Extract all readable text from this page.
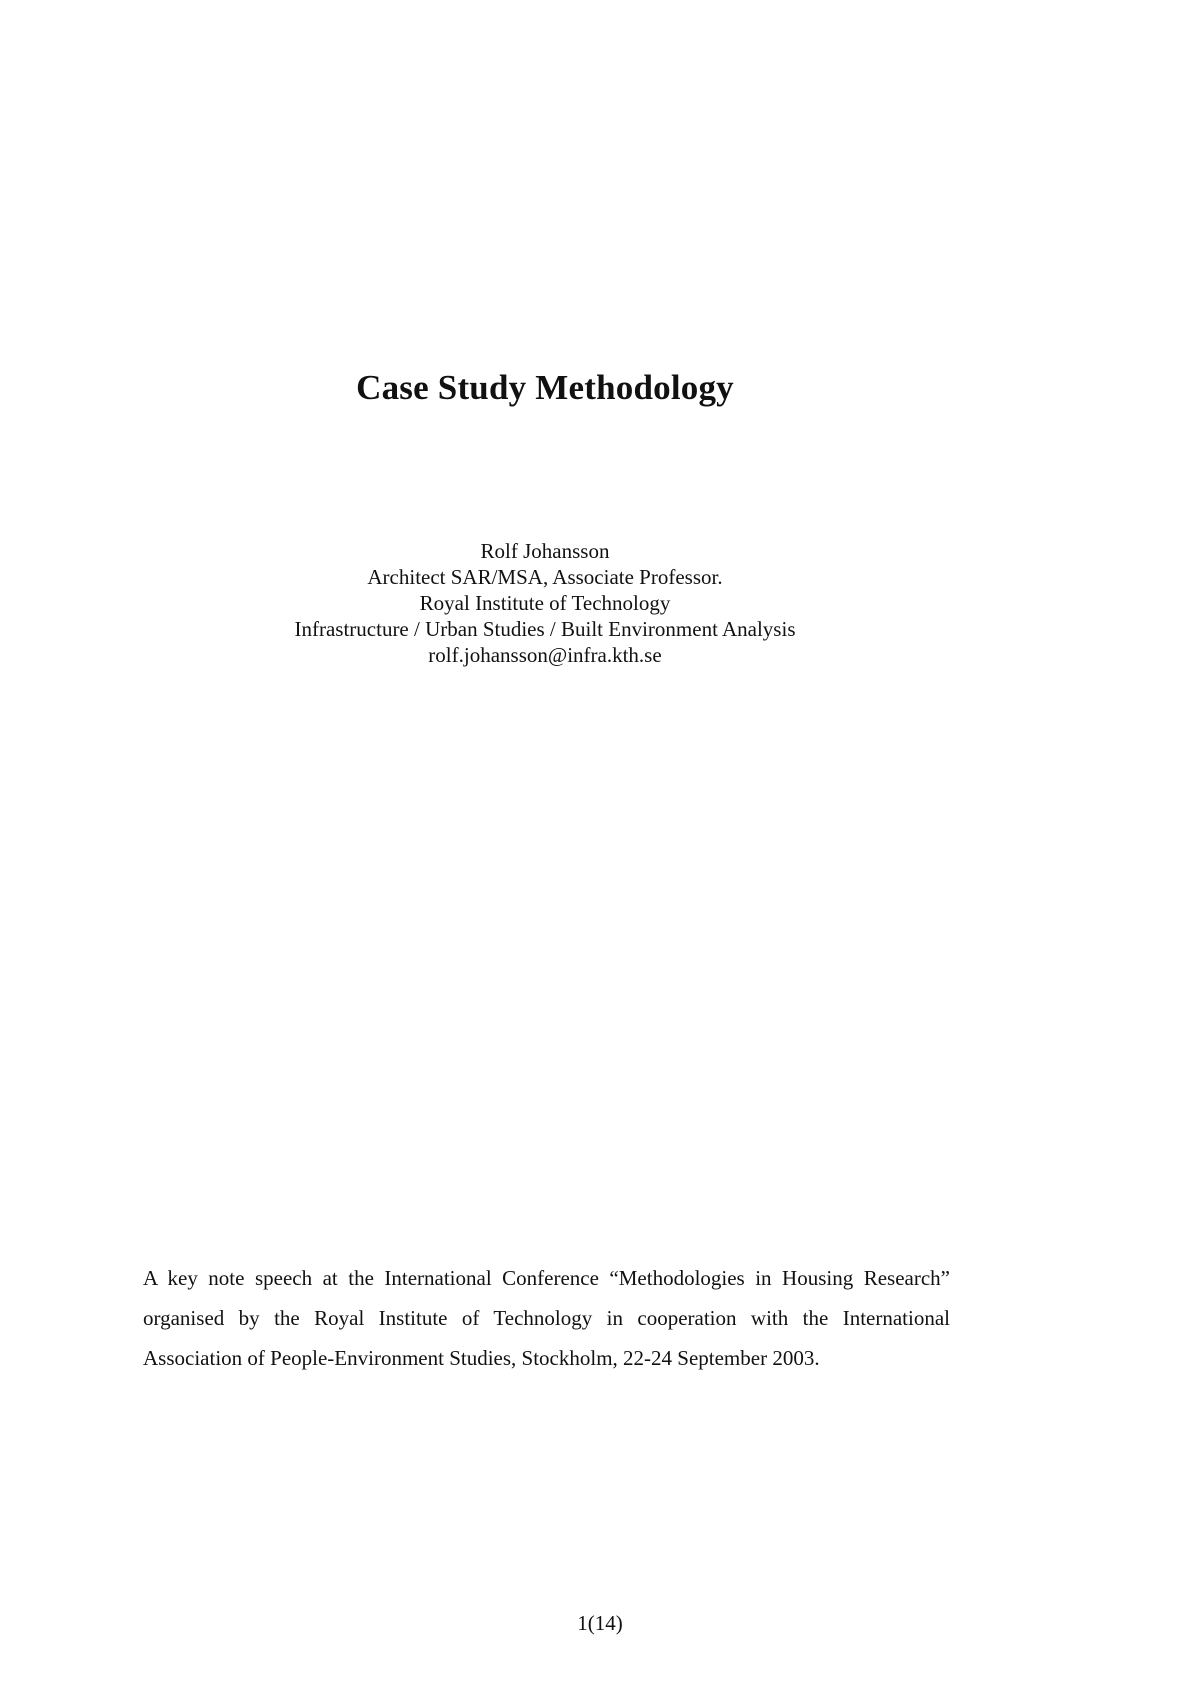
Case Study Methodology
Rolf Johansson
Architect SAR/MSA, Associate Professor.
Royal Institute of Technology
Infrastructure / Urban Studies / Built Environment Analysis
rolf.johansson@infra.kth.se

A key note speech at the International Conference “Methodologies in Housing Research” organised by the Royal Institute of Technology in cooperation with the International Association of People-Environment Studies, Stockholm, 22-24 September 2003.

1(14)
